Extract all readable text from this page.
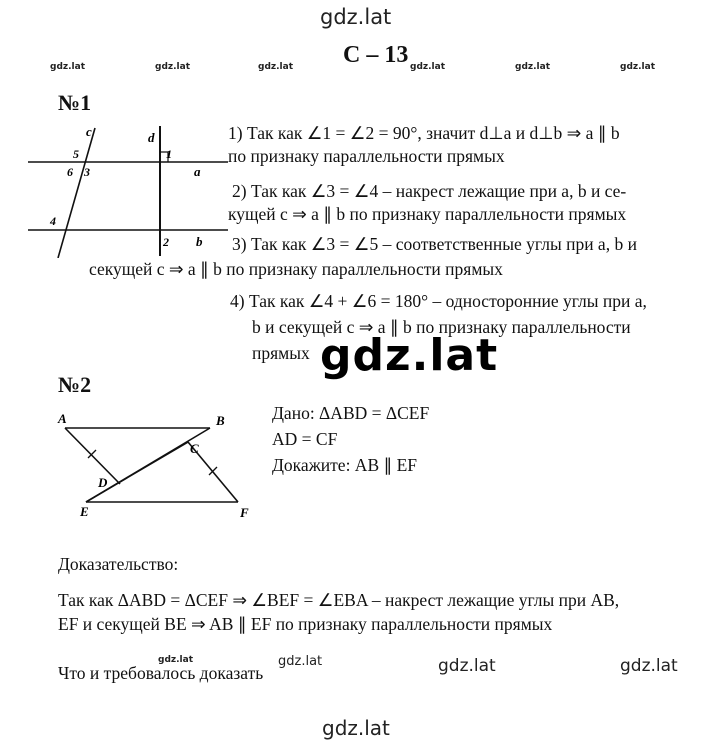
gdz.lat
gdz.lat	gdz.lat	gdz.lat	gdz.lat	gdz.lat	gdz.lat
С – 13
№1
c	d
a
b
1
2
3
4
5
6
1) Так как ∠1 = ∠2 = 90°, значит d⊥a и d⊥b ⇒ a ∥ b
по признаку параллельности прямых
2) Так как ∠3 = ∠4 – накрест лежащие при a, b и се-
кущей c ⇒ a ∥ b по признаку параллельности прямых
3) Так как ∠3 = ∠5 – соответственные углы при a, b и
секущей c ⇒ a ∥ b по признаку параллельности прямых
4) Так как ∠4 + ∠6 = 180° – односторонние углы при a,
b и секущей c ⇒ a ∥ b по признаку параллельности
прямых gdz.lat
№2
A	B
C
D
E	F
Дано: ΔABD = ΔCEF
AD = CF
Докажите: AB ∥ EF
Доказательство:
Так как ΔABD = ΔCEF ⇒ ∠BEF = ∠EBA – накрест лежащие углы при AB,
EF и секущей BE ⇒ AB ∥ EF по признаку параллельности прямых
Что и требовалось доказать
gdz.lat	gdz.lat	gdz.lat	gdz.lat
gdz.lat
